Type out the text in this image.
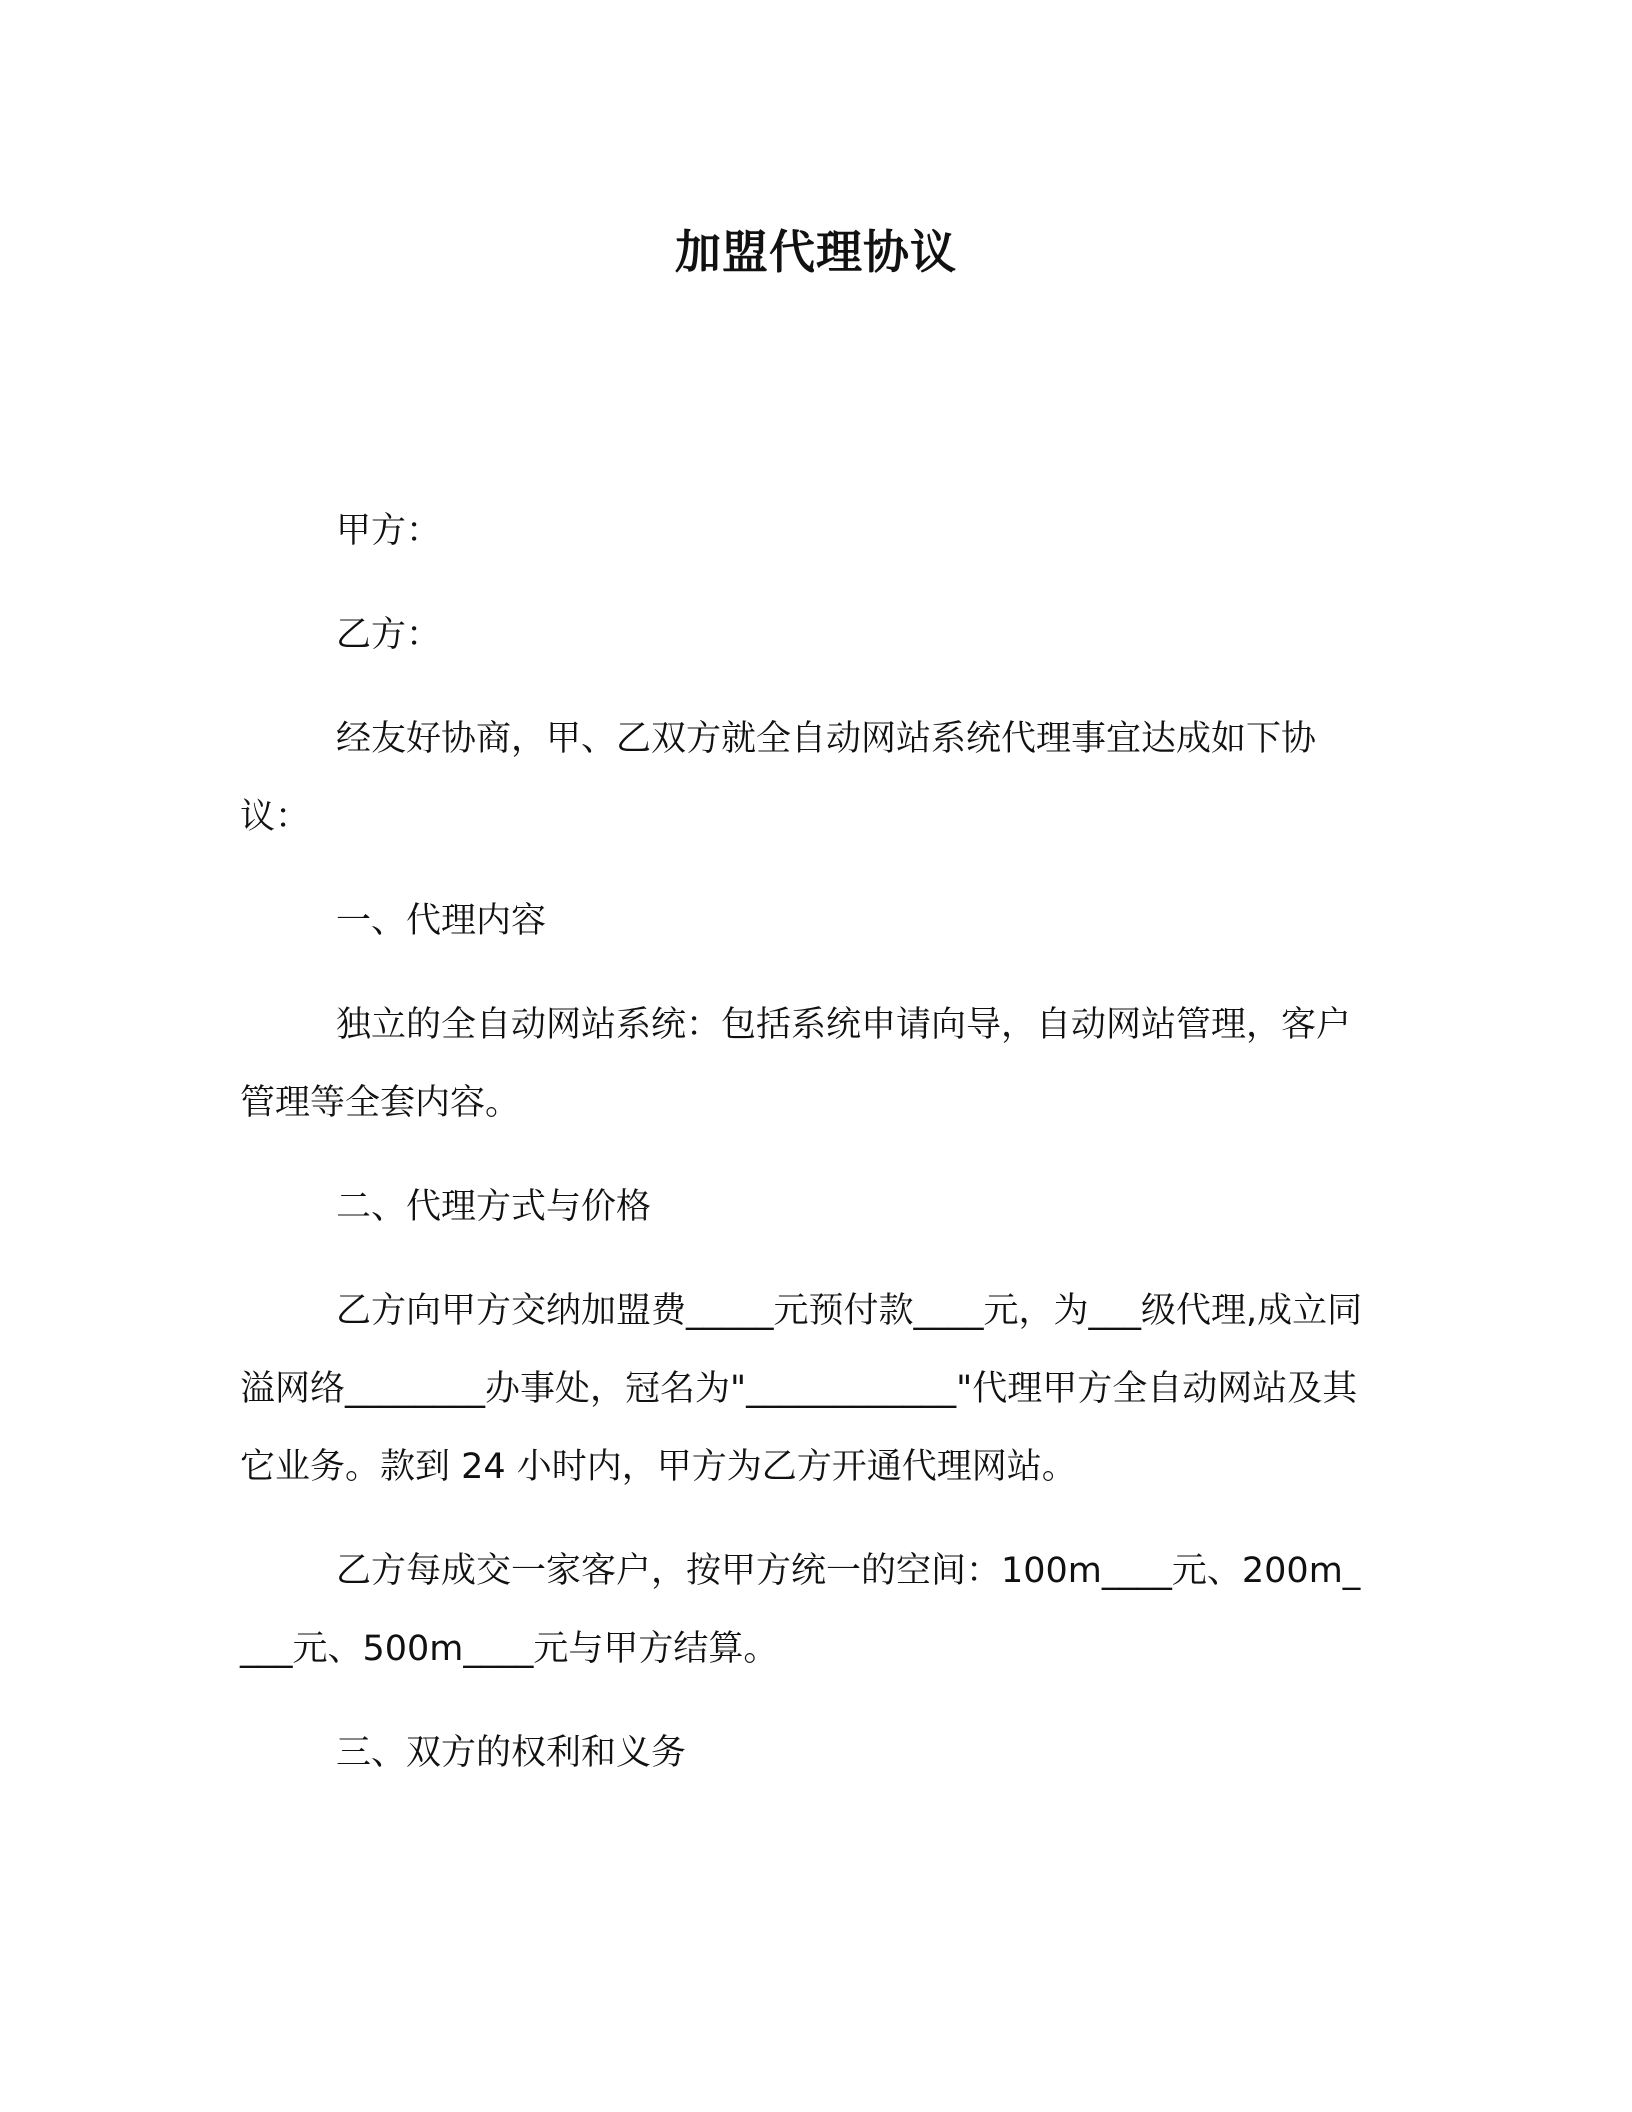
加盟代理协议

甲方：

乙方：

经友好协商，甲、乙双方就全自动网站系统代理事宜达成如下协议：

一、代理内容

独立的全自动网站系统：包括系统申请向导，自动网站管理，客户管理等全套内容。

二、代理方式与价格

乙方向甲方交纳加盟费_____元预付款____元，为___级代理,成立同溢网络________办事处，冠名为"____________"代理甲方全自动网站及其它业务。款到 24 小时内，甲方为乙方开通代理网站。

乙方每成交一家客户，按甲方统一的空间：100m____元、200m____元、500m____元与甲方结算。

三、双方的权利和义务
